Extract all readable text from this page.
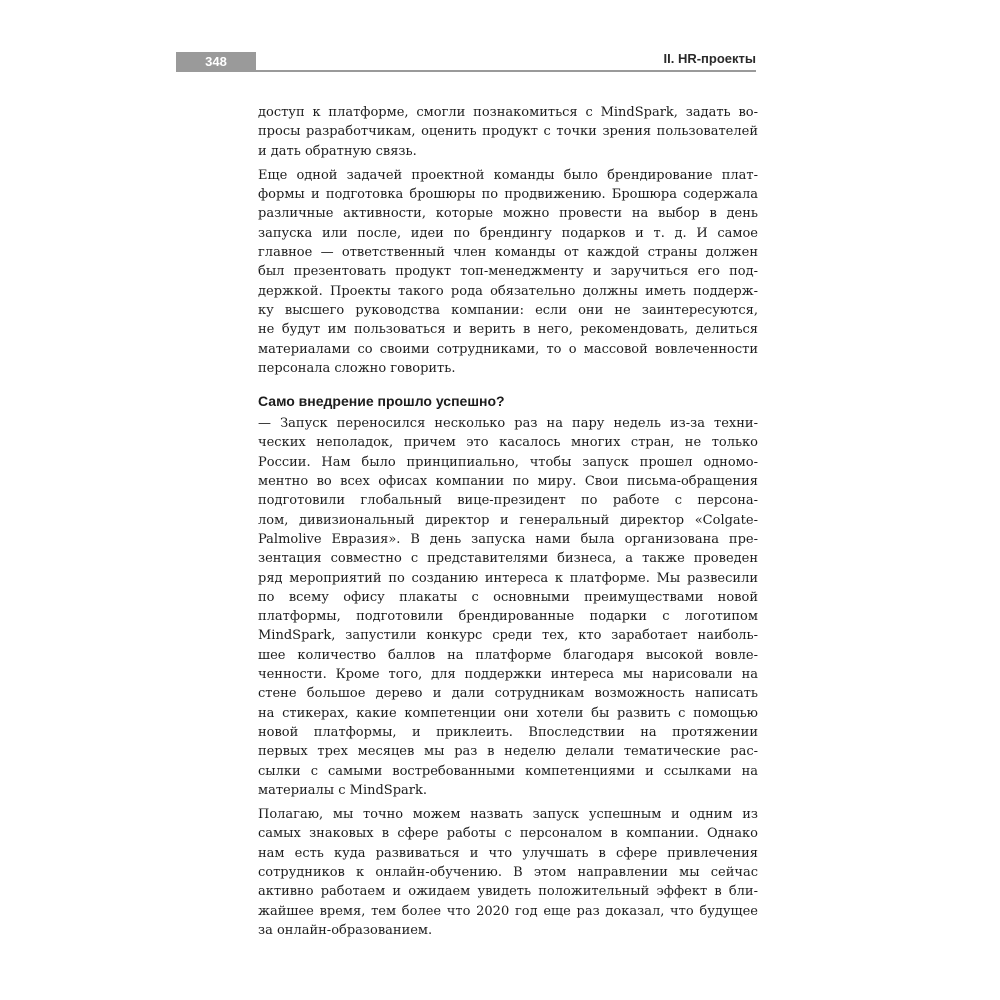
348	II. HR-проекты
доступ к платформе, смогли познакомиться с MindSpark, задать во-
просы разработчикам, оценить продукт с точки зрения пользователей
и дать обратную связь.
Еще одной задачей проектной команды было брендирование плат-
формы и подготовка брошюры по продвижению. Брошюра содержала
различные активности, которые можно провести на выбор в день
запуска или после, идеи по брендингу подарков и т. д. И самое
главное — ответственный член команды от каждой страны должен
был презентовать продукт топ-менеджменту и заручиться его под-
держкой. Проекты такого рода обязательно должны иметь поддерж-
ку высшего руководства компании: если они не заинтересуются,
не будут им пользоваться и верить в него, рекомендовать, делиться
материалами со своими сотрудниками, то о массовой вовлеченности
персонала сложно говорить.
Само внедрение прошло успешно?
— Запуск переносился несколько раз на пару недель из-за техни-
ческих неполадок, причем это касалось многих стран, не только
России. Нам было принципиально, чтобы запуск прошел одномо-
ментно во всех офисах компании по миру. Свои письма-обращения
подготовили глобальный вице-президент по работе с персона-
лом, дивизиональный директор и генеральный директор «Colgate-
Palmolive Евразия». В день запуска нами была организована пре-
зентация совместно с представителями бизнеса, а также проведен
ряд мероприятий по созданию интереса к платформе. Мы развесили
по всему офису плакаты с основными преимуществами новой
платформы, подготовили брендированные подарки с логотипом
MindSpark, запустили конкурс среди тех, кто заработает наиболь-
шее количество баллов на платформе благодаря высокой вовле-
ченности. Кроме того, для поддержки интереса мы нарисовали на
стене большое дерево и дали сотрудникам возможность написать
на стикерах, какие компетенции они хотели бы развить с помощью
новой платформы, и приклеить. Впоследствии на протяжении
первых трех месяцев мы раз в неделю делали тематические рас-
сылки с самыми востребованными компетенциями и ссылками на
материалы с MindSpark.
Полагаю, мы точно можем назвать запуск успешным и одним из
самых знаковых в сфере работы с персоналом в компании. Однако
нам есть куда развиваться и что улучшать в сфере привлечения
сотрудников к онлайн-обучению. В этом направлении мы сейчас
активно работаем и ожидаем увидеть положительный эффект в бли-
жайшее время, тем более что 2020 год еще раз доказал, что будущее
за онлайн-образованием.
